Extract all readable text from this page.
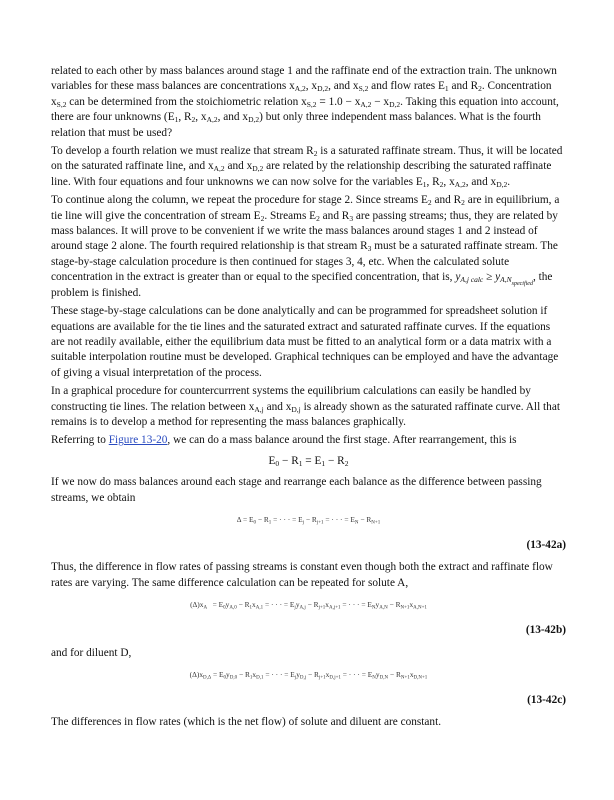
related to each other by mass balances around stage 1 and the raffinate end of the extraction train. The unknown variables for these mass balances are concentrations $x_{A,2}$, $x_{D,2}$, and $x_{S,2}$ and flow rates $E_1$ and $R_2$. Concentration $x_{S,2}$ can be determined from the stoichiometric relation $x_{S,2} = 1.0 - x_{A,2} - x_{D,2}$. Taking this equation into account, there are four unknowns ($E_1$, $R_2$, $x_{A,2}$, and $x_{D,2}$) but only three independent mass balances. What is the fourth relation that must be used?

To develop a fourth relation we must realize that stream $R_2$ is a saturated raffinate stream. Thus, it will be located on the saturated raffinate line, and $x_{A,2}$ and $x_{D,2}$ are related by the relationship describing the saturated raffinate line. With four equations and four unknowns we can now solve for the variables $E_1$, $R_2$, $x_{A,2}$, and $x_{D,2}$.

To continue along the column, we repeat the procedure for stage 2. Since streams $E_2$ and $R_2$ are in equilibrium, a tie line will give the concentration of stream $E_2$. Streams $E_2$ and $R_3$ are passing streams; thus, they are related by mass balances. It will prove to be convenient if we write the mass balances around stages 1 and 2 instead of around stage 2 alone. The fourth required relationship is that stream $R_3$ must be a saturated raffinate stream. The stage-by-stage calculation procedure is then continued for stages 3, 4, etc. When the calculated solute concentration in the extract is greater than or equal to the specified concentration, that is, $y_{A,j calc} \ge y_{A,N_{specified}}$, the problem is finished.

These stage-by-stage calculations can be done analytically and can be programmed for spreadsheet solution if equations are available for the tie lines and the saturated extract and saturated raffinate curves. If the equations are not readily available, either the equilibrium data must be fitted to an analytical form or a data matrix with a suitable interpolation routine must be developed. Graphical techniques can be employed and have the advantage of giving a visual interpretation of the process.

In a graphical procedure for countercurrrent systems the equilibrium calculations can easily be handled by constructing tie lines. The relation between $x_{A,j}$ and $x_{D,j}$ is already shown as the saturated raffinate curve. All that remains is to develop a method for representing the mass balances graphically.

Referring to Figure 13-20, we can do a mass balance around the first stage. After rearrangement, this is

$E_0 - R_1 = E_1 - R_2$

If we now do mass balances around each stage and rearrange each balance as the difference between passing streams, we obtain

$\Delta = E_0 - R_1$ = · · · = $E_j - R_{j+1}$ = · · · = $E_N - R_{N+1}$
(13-42a)

Thus, the difference in flow rates of passing streams is constant even though both the extract and raffinate flow rates are varying. The same difference calculation can be repeated for solute A,

$(\Delta)x_A = E_0y_{A,0} - R_1x_{A,1}$ = · · · = $E_jy_{A,j} - R_{j+1}x_{A,j+1}$ = · · · = $E_Ny_{A,N} - R_{N+1}x_{A,N+1}$
(13-42b)

and for diluent D,

$(\Delta)x_{D,\Delta} = E_0y_{D,0} - R_1x_{D,1}$ = · · · = $E_jy_{D,j} - R_{j+1}x_{D,j+1}$ = · · · = $E_Ny_{D,N} - R_{N+1}x_{D,N+1}$
(13-42c)

The differences in flow rates (which is the net flow) of solute and diluent are constant.
